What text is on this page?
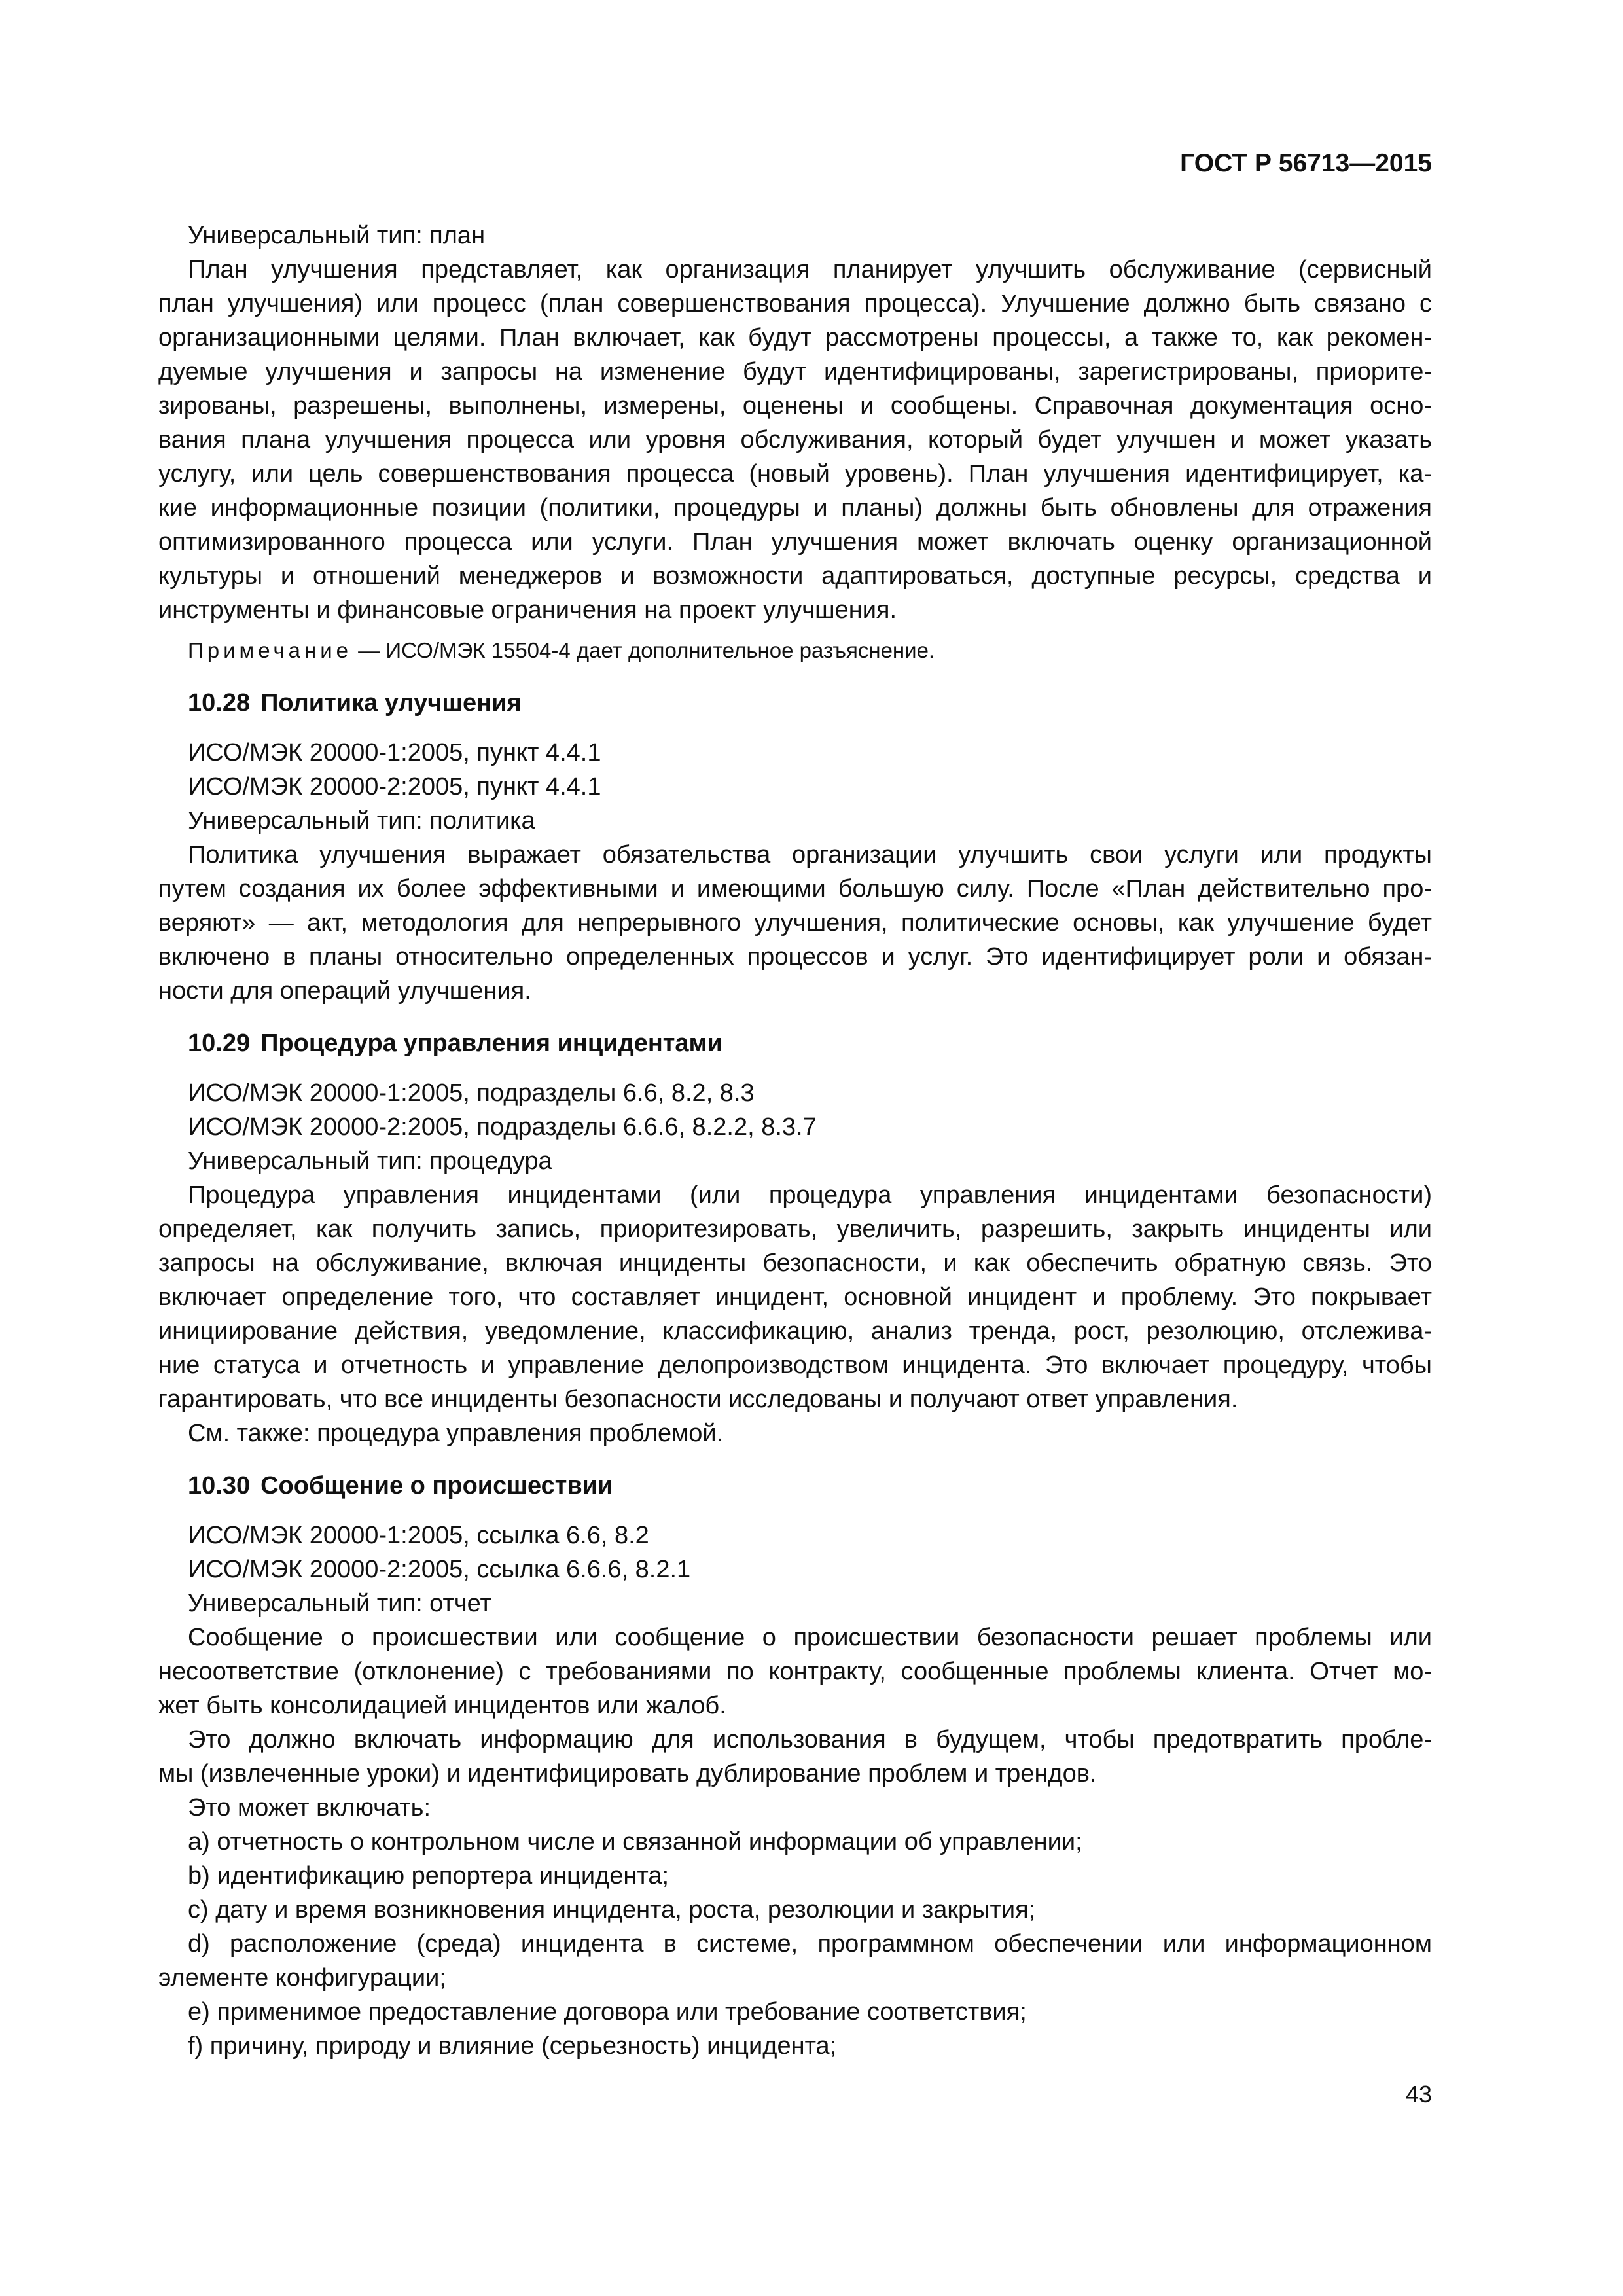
ГОСТ Р 56713—2015
Универсальный тип: план
План улучшения представляет, как организация планирует улучшить обслуживание (сервисный
план улучшения) или процесс (план совершенствования процесса). Улучшение должно быть связано с
организационными целями. План включает, как будут рассмотрены процессы, а также то, как рекомен-
дуемые улучшения и запросы на изменение будут идентифицированы, зарегистрированы, приорите-
зированы, разрешены, выполнены, измерены, оценены и сообщены. Справочная документация осно-
вания плана улучшения процесса или уровня обслуживания, который будет улучшен и может указать
услугу, или цель совершенствования процесса (новый уровень). План улучшения идентифицирует, ка-
кие информационные позиции (политики, процедуры и планы) должны быть обновлены для отражения
оптимизированного процесса или услуги. План улучшения может включать оценку организационной
культуры и отношений менеджеров и возможности адаптироваться, доступные ресурсы, средства и
инструменты и финансовые ограничения на проект улучшения.
Примечание — ИСО/МЭК 15504-4 дает дополнительное разъяснение.
10.28 Политика улучшения
ИСО/МЭК 20000-1:2005, пункт 4.4.1
ИСО/МЭК 20000-2:2005, пункт 4.4.1
Универсальный тип: политика
Политика улучшения выражает обязательства организации улучшить свои услуги или продукты
путем создания их более эффективными и имеющими большую силу. После «План действительно про-
веряют» — акт, методология для непрерывного улучшения, политические основы, как улучшение будет
включено в планы относительно определенных процессов и услуг. Это идентифицирует роли и обязан-
ности для операций улучшения.
10.29 Процедура управления инцидентами
ИСО/МЭК 20000-1:2005, подразделы 6.6, 8.2, 8.3
ИСО/МЭК 20000-2:2005, подразделы 6.6.6, 8.2.2, 8.3.7
Универсальный тип: процедура
Процедура управления инцидентами (или процедура управления инцидентами безопасности)
определяет, как получить запись, приоритезировать, увеличить, разрешить, закрыть инциденты или
запросы на обслуживание, включая инциденты безопасности, и как обеспечить обратную связь. Это
включает определение того, что составляет инцидент, основной инцидент и проблему. Это покрывает
инициирование действия, уведомление, классификацию, анализ тренда, рост, резолюцию, отслежива-
ние статуса и отчетность и управление делопроизводством инцидента. Это включает процедуру, чтобы
гарантировать, что все инциденты безопасности исследованы и получают ответ управления.
См. также: процедура управления проблемой.
10.30 Сообщение о происшествии
ИСО/МЭК 20000-1:2005, ссылка 6.6, 8.2
ИСО/МЭК 20000-2:2005, ссылка 6.6.6, 8.2.1
Универсальный тип: отчет
Сообщение о происшествии или сообщение о происшествии безопасности решает проблемы или
несоответствие (отклонение) с требованиями по контракту, сообщенные проблемы клиента. Отчет мо-
жет быть консолидацией инцидентов или жалоб.
Это должно включать информацию для использования в будущем, чтобы предотвратить пробле-
мы (извлеченные уроки) и идентифицировать дублирование проблем и трендов.
Это может включать:
a) отчетность о контрольном числе и связанной информации об управлении;
b) идентификацию репортера инцидента;
c) дату и время возникновения инцидента, роста, резолюции и закрытия;
d) расположение (среда) инцидента в системе, программном обеспечении или информационном
элементе конфигурации;
e) применимое предоставление договора или требование соответствия;
f) причину, природу и влияние (серьезность) инцидента;
43
